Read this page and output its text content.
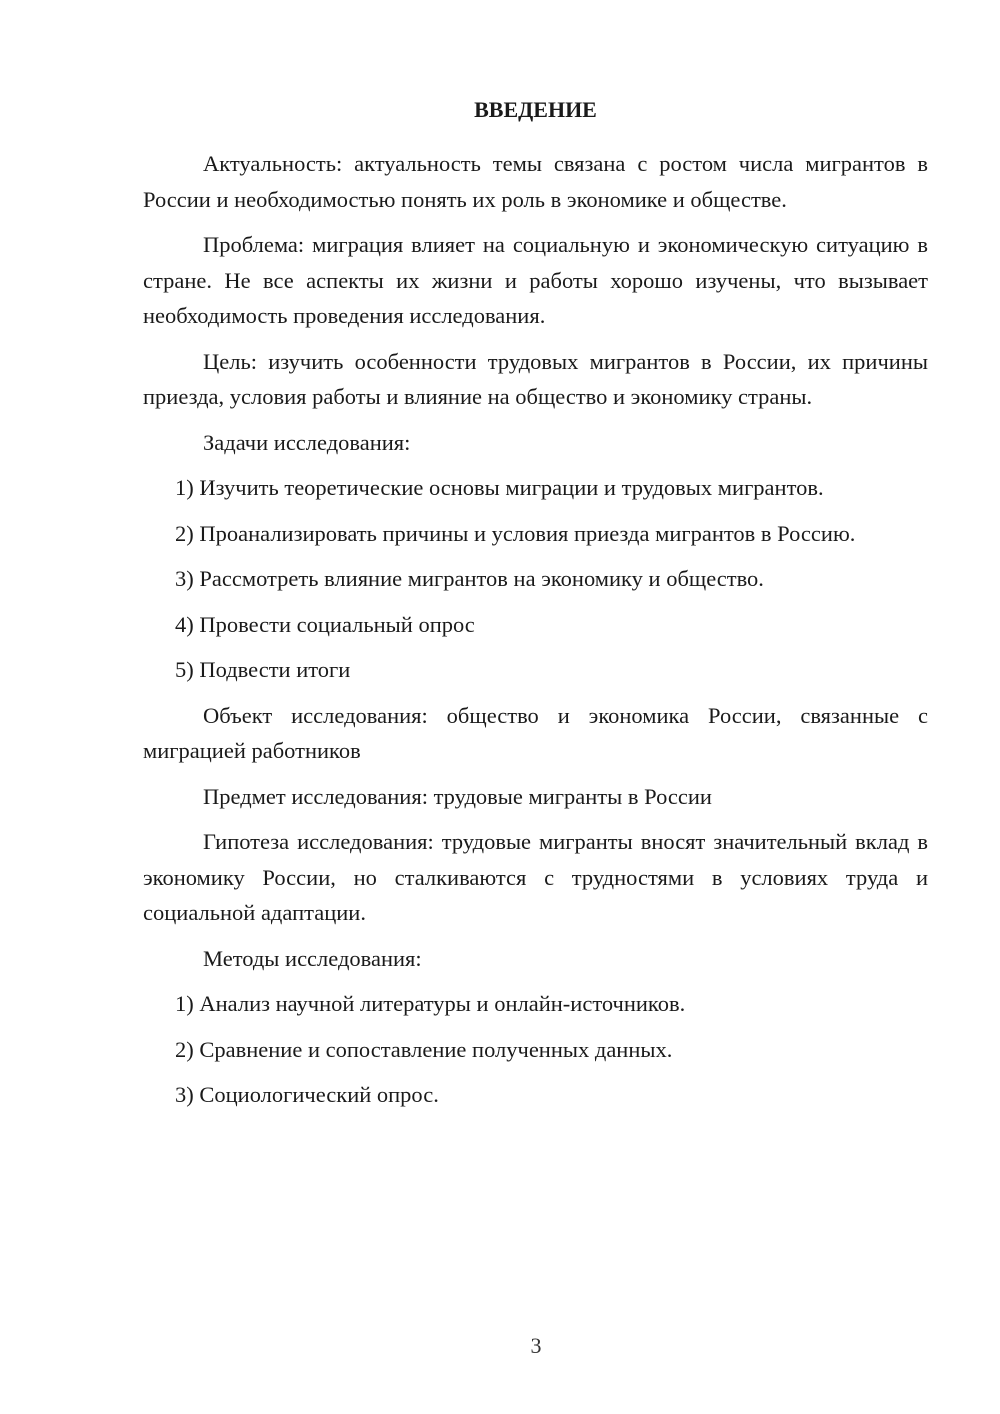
ВВЕДЕНИЕ

Актуальность: актуальность темы связана с ростом числа мигрантов в России и необходимостью понять их роль в экономике и обществе.

Проблема: миграция влияет на социальную и экономическую ситуацию в стране. Не все аспекты их жизни и работы хорошо изучены, что вызывает необходимость проведения исследования.

Цель: изучить особенности трудовых мигрантов в России, их причины приезда, условия работы и влияние на общество и экономику страны.

Задачи исследования:

1) Изучить теоретические основы миграции и трудовых мигрантов.

2) Проанализировать причины и условия приезда мигрантов в Россию.

3) Рассмотреть влияние мигрантов на экономику и общество.

4) Провести социальный опрос

5) Подвести итоги

Объект исследования: общество и экономика России, связанные с миграцией работников

Предмет исследования: трудовые мигранты в России

Гипотеза исследования: трудовые мигранты вносят значительный вклад в экономику России, но сталкиваются с трудностями в условиях труда и социальной адаптации.

Методы исследования:

1) Анализ научной литературы и онлайн-источников.

2) Сравнение и сопоставление полученных данных.

3) Социологический опрос.

3
